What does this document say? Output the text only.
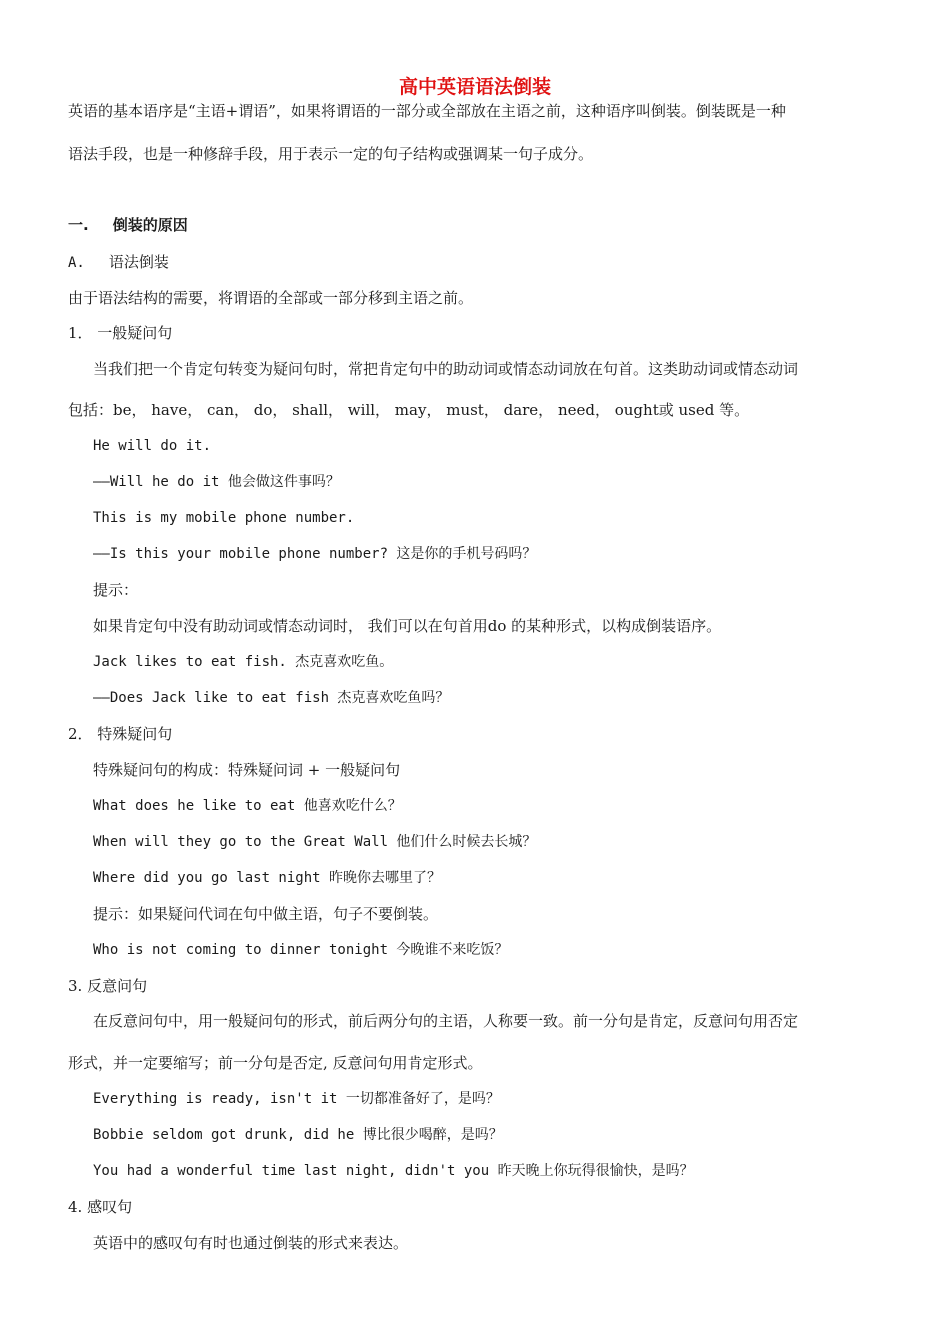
高中英语语法倒装
英语的基本语序是“主语+谓语”，如果将谓语的一部分或全部放在主语之前，这种语序叫倒装。倒装既是一种
语法手段，也是一种修辞手段，用于表示一定的句子结构或强调某一句子成分。
一. 倒装的原因
A. 语法倒装
由于语法结构的需要，将谓语的全部或一部分移到主语之前。
1． 一般疑问句
当我们把一个肯定句转变为疑问句时，常把肯定句中的助动词或情态动词放在句首。这类助动词或情态动词
包括：be， have， can， do， shall， will， may， must， dare， need， ought或 used 等。
He will do it.
——Will he do it 他会做这件事吗？
This is my mobile phone number.
——Is this your mobile phone number? 这是你的手机号码吗？
提示：
如果肯定句中没有助动词或情态动词时， 我们可以在句首用do 的某种形式，以构成倒装语序。
Jack likes to eat fish. 杰克喜欢吃鱼。
——Does Jack like to eat fish 杰克喜欢吃鱼吗？
2． 特殊疑问句
特殊疑问句的构成：特殊疑问词 + 一般疑问句
What does he like to eat 他喜欢吃什么？
When will they go to the Great Wall 他们什么时候去长城？
Where did you go last night 昨晚你去哪里了？
提示：如果疑问代词在句中做主语，句子不要倒装。
Who is not coming to dinner tonight 今晚谁不来吃饭？
3. 反意问句
在反意问句中，用一般疑问句的形式，前后两分句的主语，人称要一致。前一分句是肯定，反意问句用否定
形式，并一定要缩写；前一分句是否定, 反意问句用肯定形式。
Everything is ready, isn't it 一切都准备好了，是吗？
Bobbie seldom got drunk, did he 博比很少喝醉，是吗？
You had a wonderful time last night, didn't you 昨天晚上你玩得很愉快，是吗？
4. 感叹句
英语中的感叹句有时也通过倒装的形式来表达。
